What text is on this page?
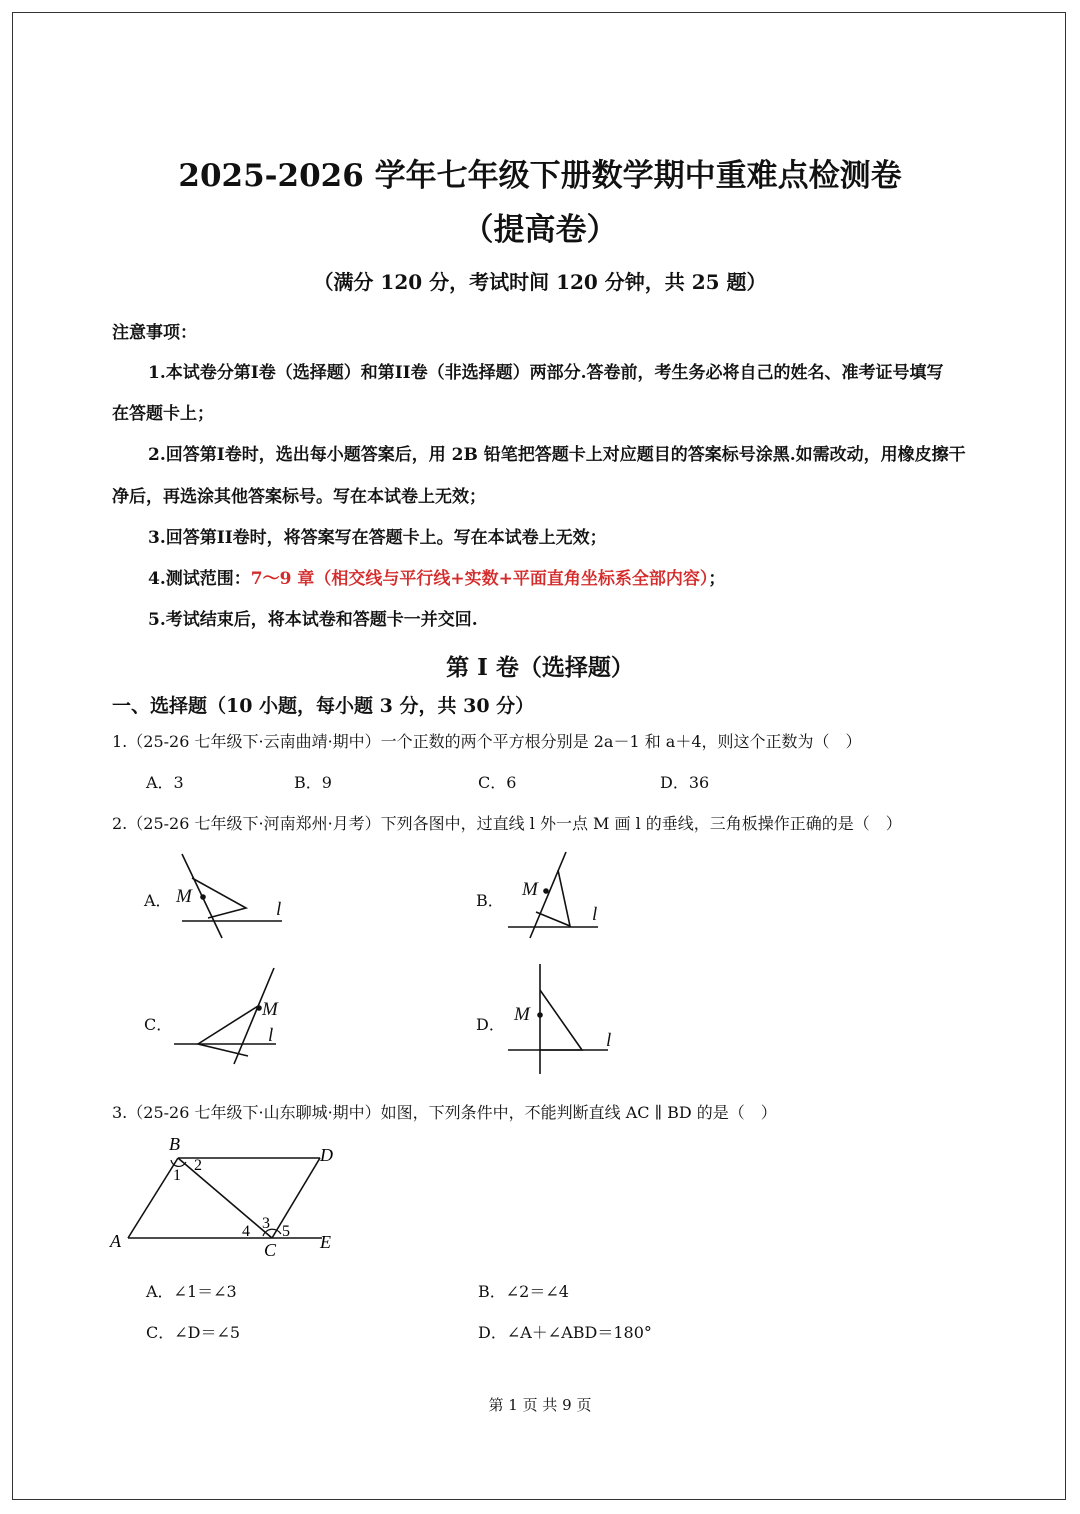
2025-2026 学年七年级下册数学期中重难点检测卷
（提高卷）
（满分 120 分，考试时间 120 分钟，共 25 题）
注意事项：
1.本试卷分第I卷（选择题）和第II卷（非选择题）两部分.答卷前，考生务必将自己的姓名、准考证号填写
在答题卡上；
2.回答第I卷时，选出每小题答案后，用 2B 铅笔把答题卡上对应题目的答案标号涂黑.如需改动，用橡皮擦干
净后，再选涂其他答案标号。写在本试卷上无效；
3.回答第II卷时，将答案写在答题卡上。写在本试卷上无效；
4.测试范围：7～9 章（相交线与平行线+实数+平面直角坐标系全部内容）；
5.考试结束后，将本试卷和答题卡一并交回.
第 I 卷（选择题）
一、选择题（10 小题，每小题 3 分，共 30 分）
1.（25-26 七年级下·云南曲靖·期中）一个正数的两个平方根分别是 2a－1 和 a＋4，则这个正数为（　）
A．3	B．9	C．6	D．36
2.（25-26 七年级下·河南郑州·月考）下列各图中，过直线 l 外一点 M 画 l 的垂线，三角板操作正确的是（　）
A．	B．
C．	D．
M
l
M
l
M
l
M
l
3.（25-26 七年级下·山东聊城·期中）如图，下列条件中，不能判断直线 AC ∥ BD 的是（　）
B
D
A	C E
1
2
3
4 5
A．∠1＝∠3	B．∠2＝∠4
C．∠D＝∠5	D．∠A＋∠ABD＝180°
第 1 页 共 9 页
